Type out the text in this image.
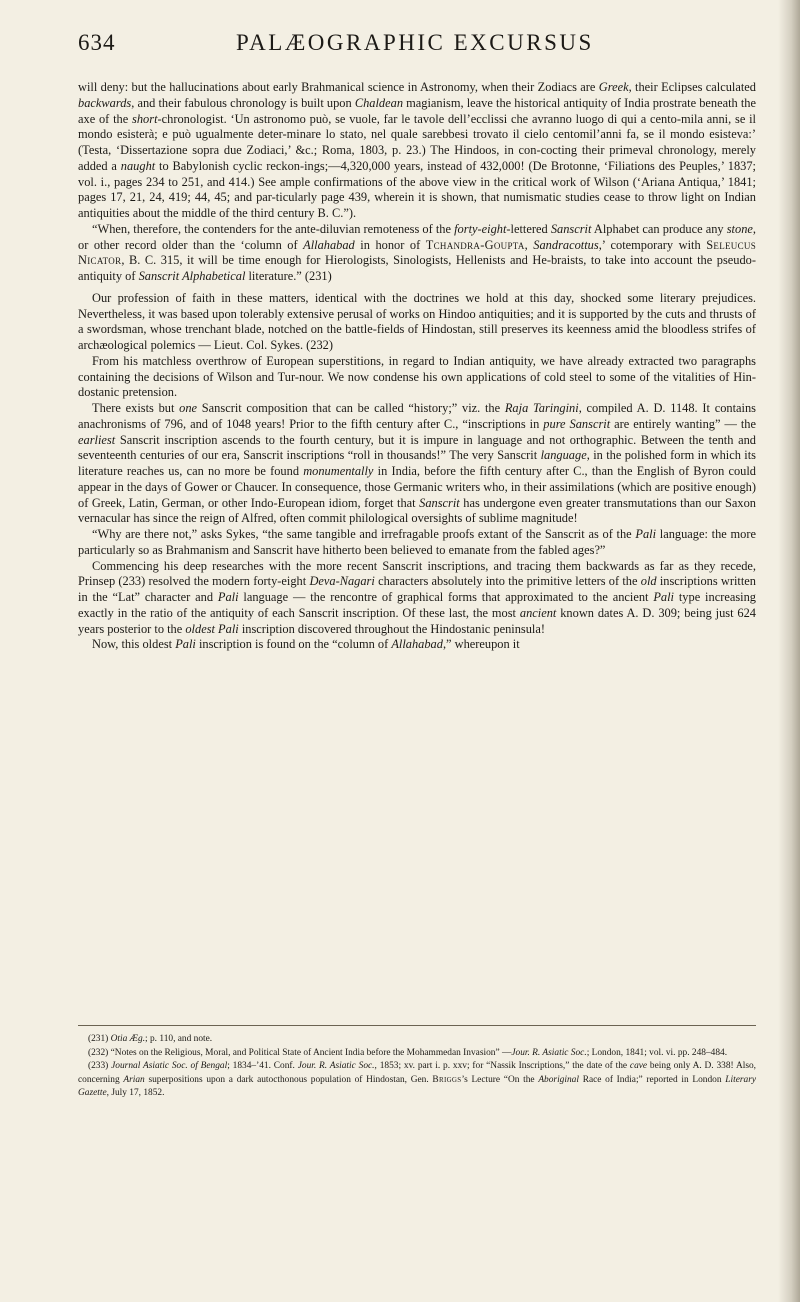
634	PALÆOGRAPHIC EXCURSUS

will deny: but the hallucinations about early Brahmanical science in Astronomy, when their Zodiacs are Greek, their Eclipses calculated backwards, and their fabulous chronology is built upon Chaldean magianism, leave the historical antiquity of India prostrate beneath the axe of the short-chronologist. ‘Un astronomo può, se vuole, far le tavole dell’ecclissi che avranno luogo di qui a cento-mila anni, se il mondo esisterà; e può ugualmente deter-minare lo stato, nel quale sarebbesi trovato il cielo centomil’anni fa, se il mondo esisteva:’ (Testa, ‘Dissertazione sopra due Zodiaci,’ &c.; Roma, 1803, p. 23.) The Hindoos, in con-cocting their primeval chronology, merely added a naught to Babylonish cyclic reckon-ings;—4,320,000 years, instead of 432,000! (De Brotonne, ‘Filiations des Peuples,’ 1837; vol. i., pages 234 to 251, and 414.) See ample confirmations of the above view in the critical work of Wilson (‘Ariana Antiqua,’ 1841; pages 17, 21, 24, 419; 44, 45; and par-ticularly page 439, wherein it is shown, that numismatic studies cease to throw light on Indian antiquities about the middle of the third century B. C.”).

“When, therefore, the contenders for the ante-diluvian remoteness of the forty-eight-lettered Sanscrit Alphabet can produce any stone, or other record older than the ‘column of Allahabad in honor of Tchandra-Goupta, Sandracottus,’ cotemporary with Seleucus Nicator, B. C. 315, it will be time enough for Hierologists, Sinologists, Hellenists and He-braists, to take into account the pseudo-antiquity of Sanscrit Alphabetical literature.” (231)

Our profession of faith in these matters, identical with the doctrines we hold at this day, shocked some literary prejudices. Nevertheless, it was based upon tolerably extensive perusal of works on Hindoo antiquities; and it is supported by the cuts and thrusts of a swordsman, whose trenchant blade, notched on the battle-fields of Hindostan, still preserves its keenness amid the bloodless strifes of archæological polemics — Lieut. Col. Sykes. (232)

From his matchless overthrow of European superstitions, in regard to Indian antiquity, we have already extracted two paragraphs containing the decisions of Wilson and Tur-nour. We now condense his own applications of cold steel to some of the vitalities of Hin-dostanic pretension.

There exists but one Sanscrit composition that can be called “history;” viz. the Raja Taringini, compiled A. D. 1148. It contains anachronisms of 796, and of 1048 years! Prior to the fifth century after C., “inscriptions in pure Sanscrit are entirely wanting” — the earliest Sanscrit inscription ascends to the fourth century, but it is impure in language and not orthographic. Between the tenth and seventeenth centuries of our era, Sanscrit inscriptions “roll in thousands!” The very Sanscrit language, in the polished form in which its literature reaches us, can no more be found monumentally in India, before the fifth century after C., than the English of Byron could appear in the days of Gower or Chaucer. In consequence, those Germanic writers who, in their assimilations (which are positive enough) of Greek, Latin, German, or other Indo-European idiom, forget that Sanscrit has undergone even greater transmutations than our Saxon vernacular has since the reign of Alfred, often commit philological oversights of sublime magnitude!

“Why are there not,” asks Sykes, “the same tangible and irrefragable proofs extant of the Sanscrit as of the Pali language: the more particularly so as Brahmanism and Sanscrit have hitherto been believed to emanate from the fabled ages?”

Commencing his deep researches with the more recent Sanscrit inscriptions, and tracing them backwards as far as they recede, Prinsep (233) resolved the modern forty-eight Deva-Nagari characters absolutely into the primitive letters of the old inscriptions written in the “Lat” character and Pali language — the rencontre of graphical forms that approximated to the ancient Pali type increasing exactly in the ratio of the antiquity of each Sanscrit inscription. Of these last, the most ancient known dates A. D. 309; being just 624 years posterior to the oldest Pali inscription discovered throughout the Hindostanic peninsula!

Now, this oldest Pali inscription is found on the “column of Allahabad,” whereupon it

(231) Otia Æg.; p. 110, and note.

(232) “Notes on the Religious, Moral, and Political State of Ancient India before the Mohammedan Invasion” —Jour. R. Asiatic Soc.; London, 1841; vol. vi. pp. 248–484.

(233) Journal Asiatic Soc. of Bengal; 1834–’41. Conf. Jour. R. Asiatic Soc., 1853; xv. part i. p. xxv; for “Nassik Inscriptions,” the date of the cave being only A. D. 338! Also, concerning Arian superpositions upon a dark autocthonous population of Hindostan, Gen. Briggs’s Lecture “On the Aboriginal Race of India;” reported in London Literary Gazette, July 17, 1852.
